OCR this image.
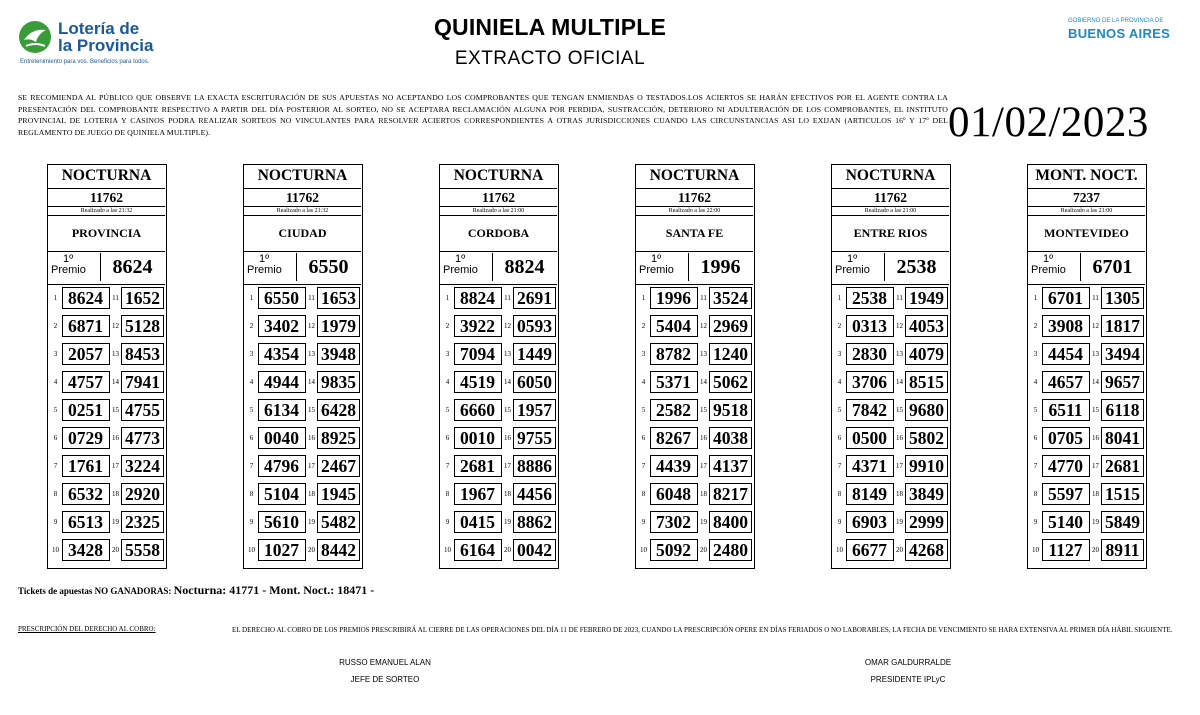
Lotería de
la Provincia
Entretenimiento para vos. Beneficios para todos.
QUINIELA MULTIPLE
EXTRACTO OFICIAL
GOBIERNO DE LA PROVINCIA DE
BUENOS AIRES
SE RECOMIENDA AL PÚBLICO QUE OBSERVE LA EXACTA ESCRITURACIÓN DE SUS APUESTAS NO ACEPTANDO LOS COMPROBANTES QUE TENGAN ENMIENDAS O TESTADOS.LOS ACIERTOS SE HARÁN EFECTIVOS POR EL AGENTE CONTRA LA PRESENTACIÓN DEL COMPROBANTE RESPECTIVO A PARTIR DEL DÍA POSTERIOR AL SORTEO, NO SE ACEPTARA RECLAMACIÓN ALGUNA POR PERDIDA, SUSTRACCIÓN, DETERIORO NI ADULTERACIÓN DE LOS COMPROBANTES, EL INSTITUTO PROVINCIAL DE LOTERIA Y CASINOS PODRA REALIZAR SORTEOS NO VINCULANTES PARA RESOLVER ACIERTOS CORRESPONDIENTES A OTRAS JURISDICCIONES CUANDO LAS CIRCUNSTANCIAS ASI LO EXIJAN (ARTICULOS 16º Y 17º DEL REGLAMENTO DE JUEGO DE QUINIELA MULTIPLE).	01/02/2023
NOCTURNA
11762
Realizado a las 21:32
PROVINCIA
1º
Premio	8624
1 8624	11 1652
2 6871	12 5128
3 2057	13 8453
4 4757	14 7941
5 0251	15 4755
6 0729	16 4773
7 1761	17 3224
8 6532	18 2920
9 6513	19 2325
10 3428	20 5558
NOCTURNA
11762
Realizado a las 21:32
CIUDAD
1º
Premio	6550
1 6550	11 1653
2 3402	12 1979
3 4354	13 3948
4 4944	14 9835
5 6134	15 6428
6 0040	16 8925
7 4796	17 2467
8 5104	18 1945
9 5610	19 5482
10 1027	20 8442
NOCTURNA
11762
Realizado a las 21:00
CORDOBA
1º
Premio	8824
1 8824	11 2691
2 3922	12 0593
3 7094	13 1449
4 4519	14 6050
5 6660	15 1957
6 0010	16 9755
7 2681	17 8886
8 1967	18 4456
9 0415	19 8862
10 6164	20 0042
NOCTURNA
11762
Realizado a las 22:00
SANTA FE
1º
Premio	1996
1 1996	11 3524
2 5404	12 2969
3 8782	13 1240
4 5371	14 5062
5 2582	15 9518
6 8267	16 4038
7 4439	17 4137
8 6048	18 8217
9 7302	19 8400
10 5092	20 2480
NOCTURNA
11762
Realizado a las 21:00
ENTRE RIOS
1º
Premio	2538
1 2538	11 1949
2 0313	12 4053
3 2830	13 4079
4 3706	14 8515
5 7842	15 9680
6 0500	16 5802
7 4371	17 9910
8 8149	18 3849
9 6903	19 2999
10 6677	20 4268
MONT. NOCT.
7237
Realizado a las 21:00
MONTEVIDEO
1º
Premio	6701
1 6701	11 1305
2 3908	12 1817
3 4454	13 3494
4 4657	14 9657
5 6511	15 6118
6 0705	16 8041
7 4770	17 2681
8 5597	18 1515
9 5140	19 5849
10 1127	20 8911
Tickets de apuestas NO GANADORAS: Nocturna: 41771 - Mont. Noct.: 18471 -
PRESCRIPCIÓN DEL DERECHO AL COBRO:	EL DERECHO AL COBRO DE LOS PREMIOS PRESCRIBIRÁ AL CIERRE DE LAS OPERACIONES DEL DÍA 11 DE FEBRERO DE 2023, CUANDO LA PRESCRIPCIÓN OPERE EN DÍAS FERIADOS O NO LABORABLES, LA FECHA DE VENCIMIENTO SE HARA EXTENSIVA AL PRIMER DÍA HÁBIL SIGUIENTE.
RUSSO EMANUEL ALAN
JEFE DE SORTEO
OMAR GALDURRALDE
PRESIDENTE IPLyC
